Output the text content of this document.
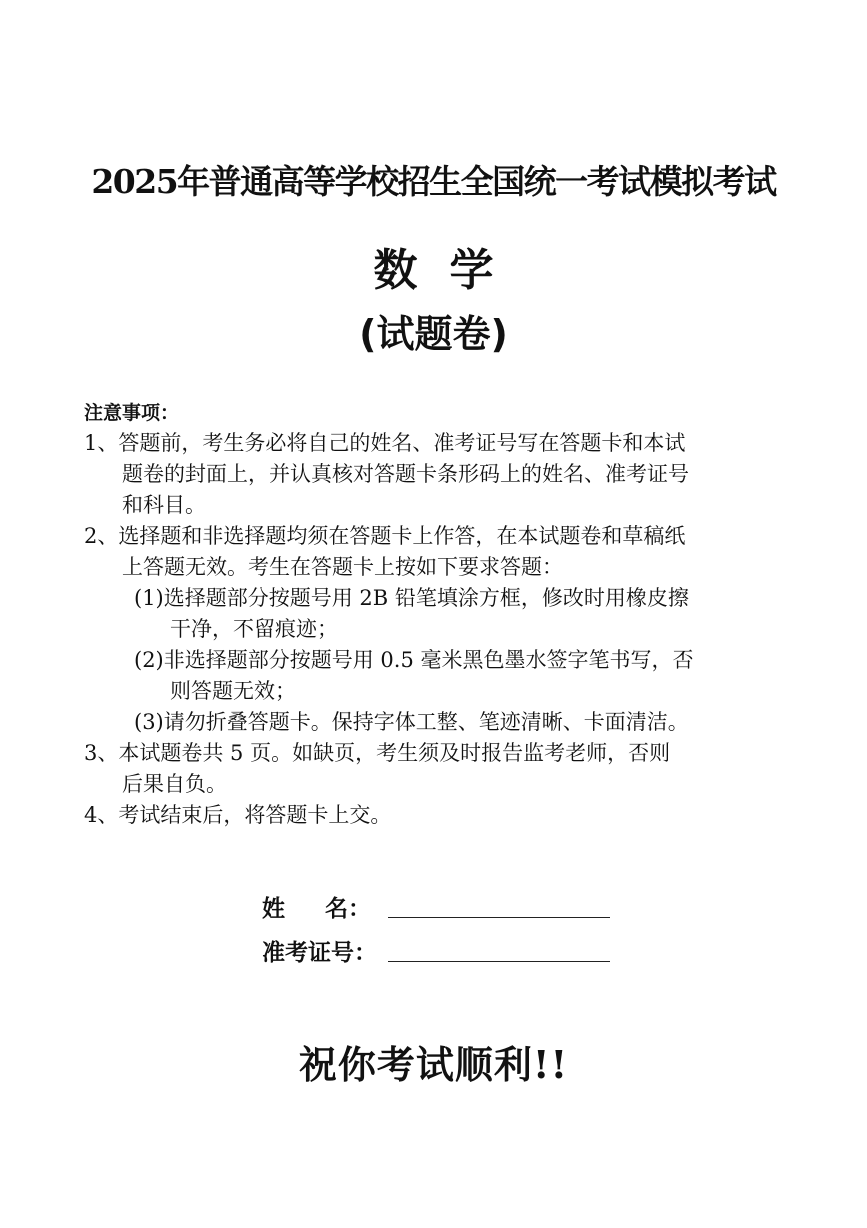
2025年普通高等学校招生全国统一考试模拟考试
数学
(试题卷)
注意事项：
1、答题前，考生务必将自己的姓名、准考证号写在答题卡和本试
题卷的封面上，并认真核对答题卡条形码上的姓名、准考证号
和科目。
2、选择题和非选择题均须在答题卡上作答，在本试题卷和草稿纸
上答题无效。考生在答题卡上按如下要求答题：
(1)选择题部分按题号用 2B 铅笔填涂方框，修改时用橡皮擦
干净，不留痕迹；
(2)非选择题部分按题号用 0.5 毫米黑色墨水签字笔书写，否
则答题无效；
(3)请勿折叠答题卡。保持字体工整、笔迹清晰、卡面清洁。
3、本试题卷共 5 页。如缺页，考生须及时报告监考老师，否则
后果自负。
4、考试结束后，将答题卡上交。
姓     名：
准考证号：
祝你考试顺利!!
